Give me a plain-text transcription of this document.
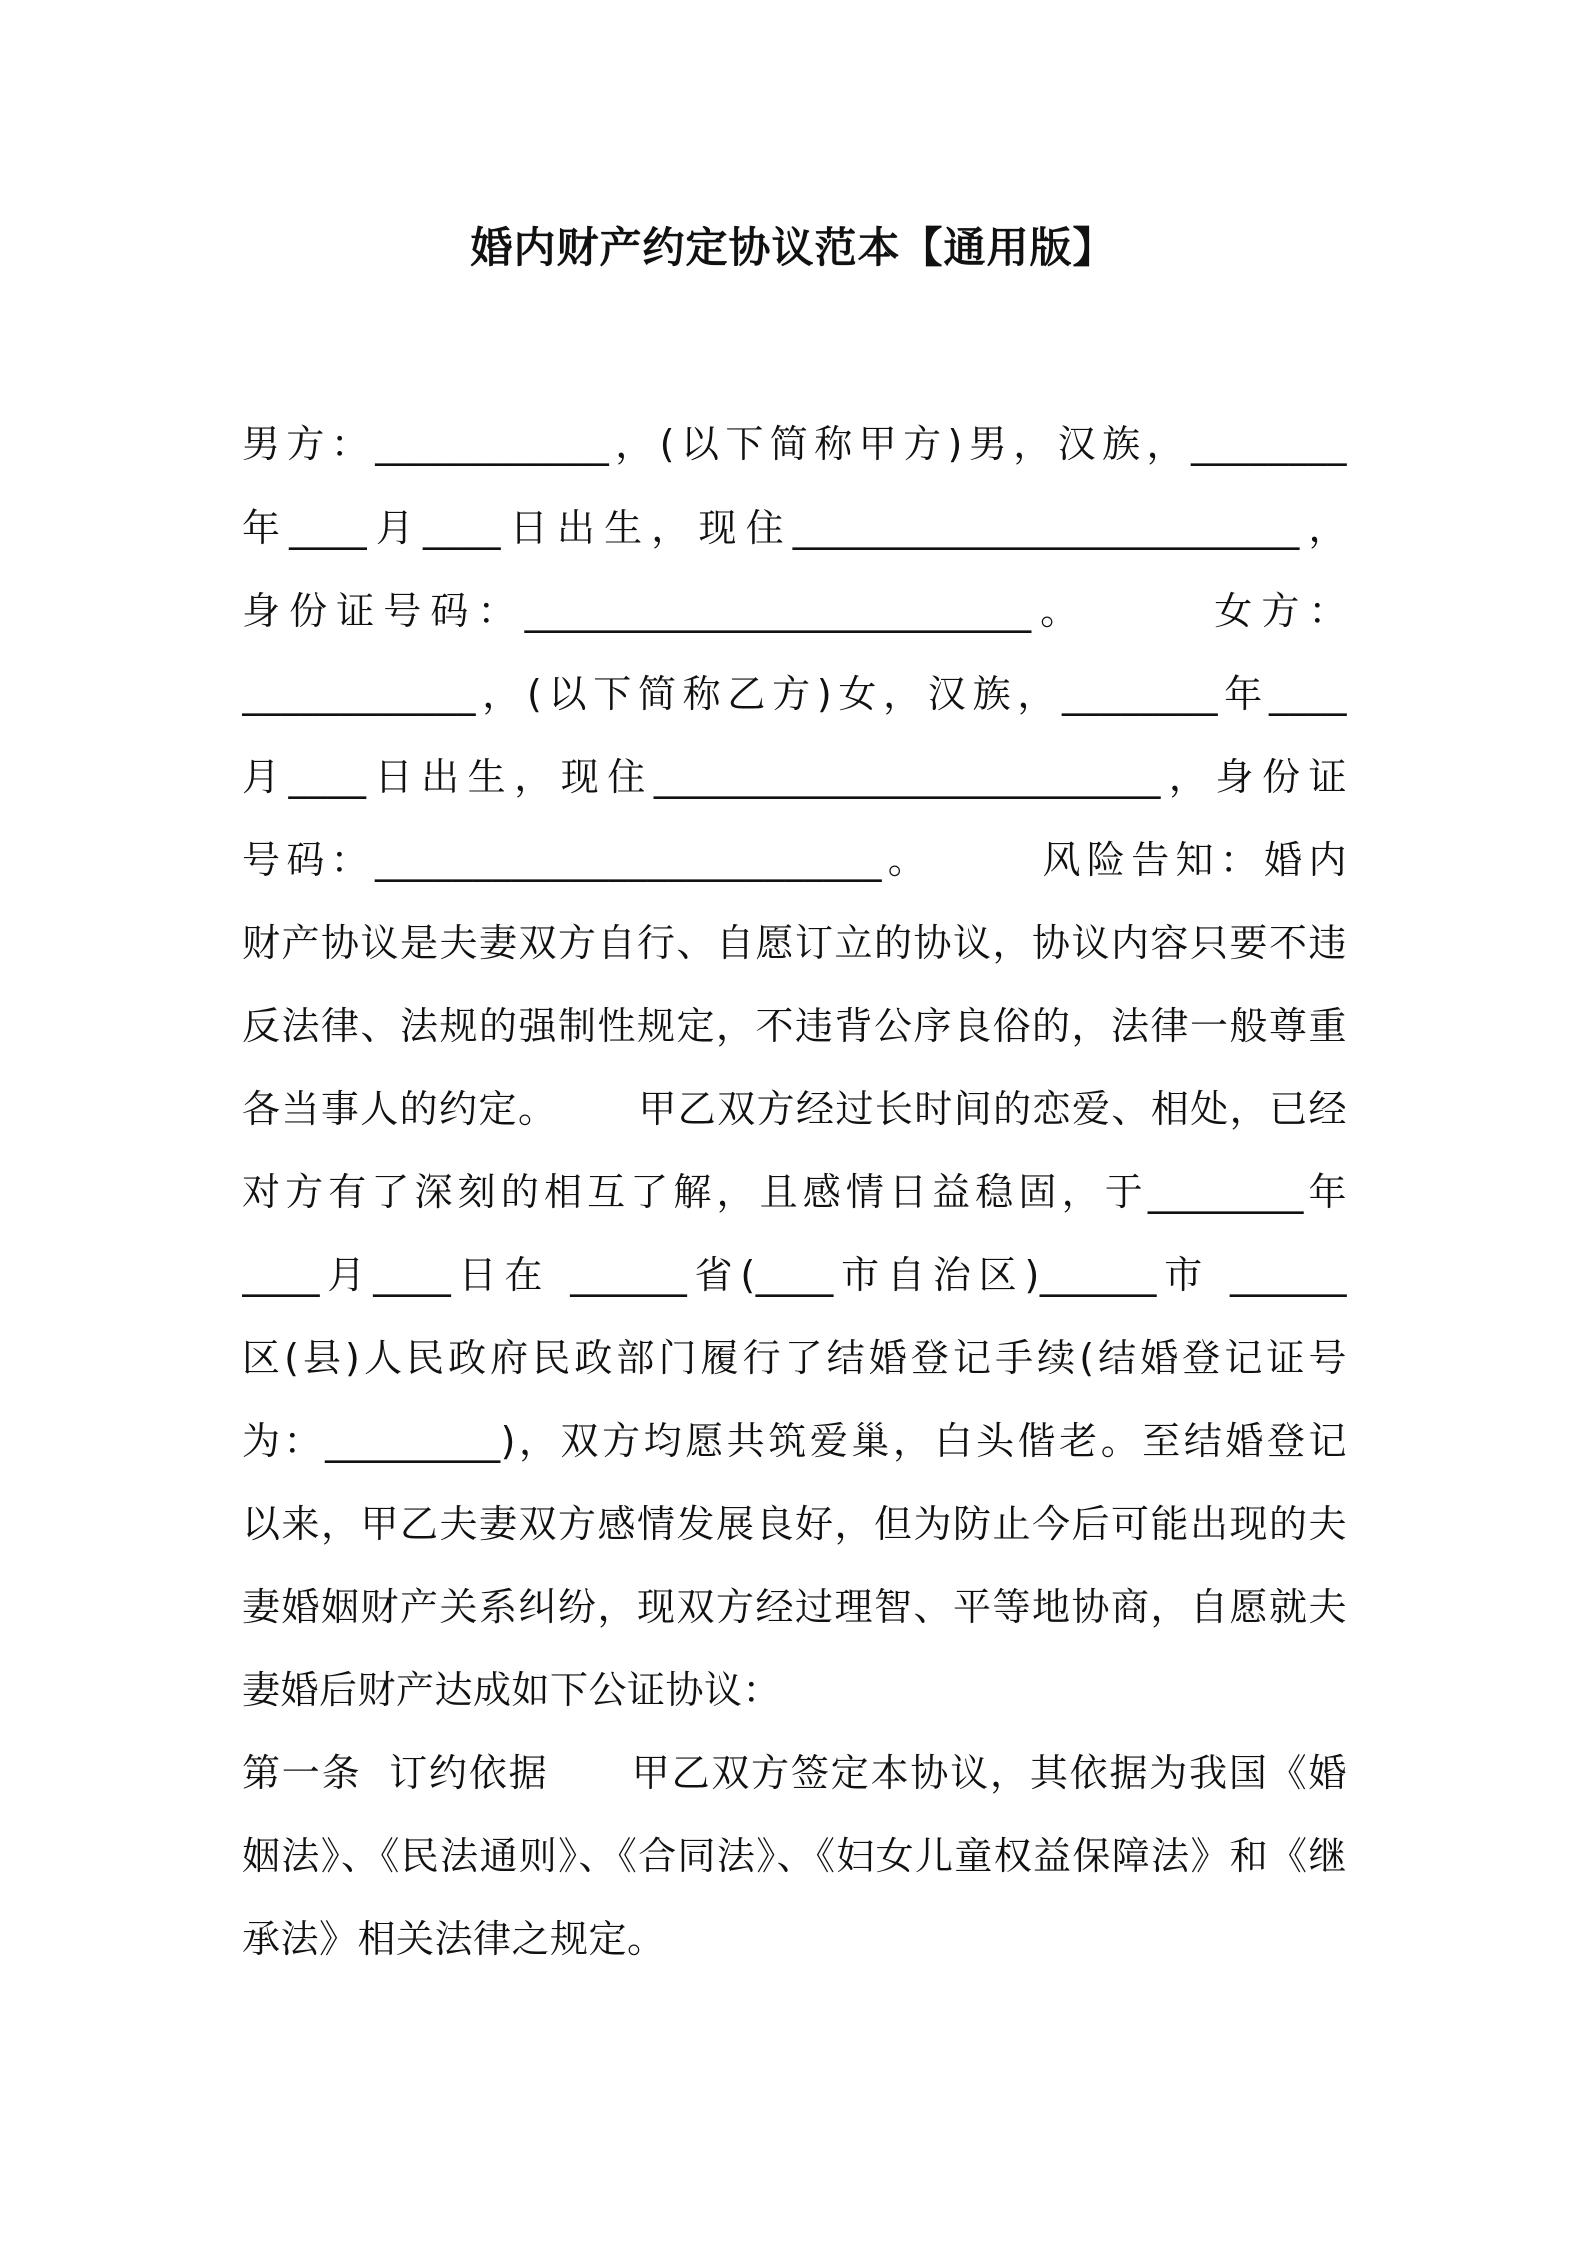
婚内财产约定协议范本【通用版】
男方：____________，(以下简称甲方)男，汉族，________
年____月____日出生，现住__________________________，
身份证号码：__________________________。      女方：
____________，(以下简称乙方)女，汉族，________年____
月____日出生，现住__________________________，身份证
号码：__________________________。      风险告知：婚内
财产协议是夫妻双方自行、自愿订立的协议，协议内容只要不违
反法律、法规的强制性规定，不违背公序良俗的，法律一般尊重
各当事人的约定。      甲乙双方经过长时间的恋爱、相处，已经
对方有了深刻的相互了解，且感情日益稳固，于________年
____月____日在 ______省(____市自治区)______市 ______
区(县)人民政府民政部门履行了结婚登记手续(结婚登记证号
为：_________)，双方均愿共筑爱巢，白头偕老。至结婚登记
以来，甲乙夫妻双方感情发展良好，但为防止今后可能出现的夫
妻婚姻财产关系纠纷，现双方经过理智、平等地协商，自愿就夫
妻婚后财产达成如下公证协议：
第一条  订约依据      甲乙双方签定本协议，其依据为我国《婚
姻法》、《民法通则》、《合同法》、《妇女儿童权益保障法》和《继
承法》相关法律之规定。
